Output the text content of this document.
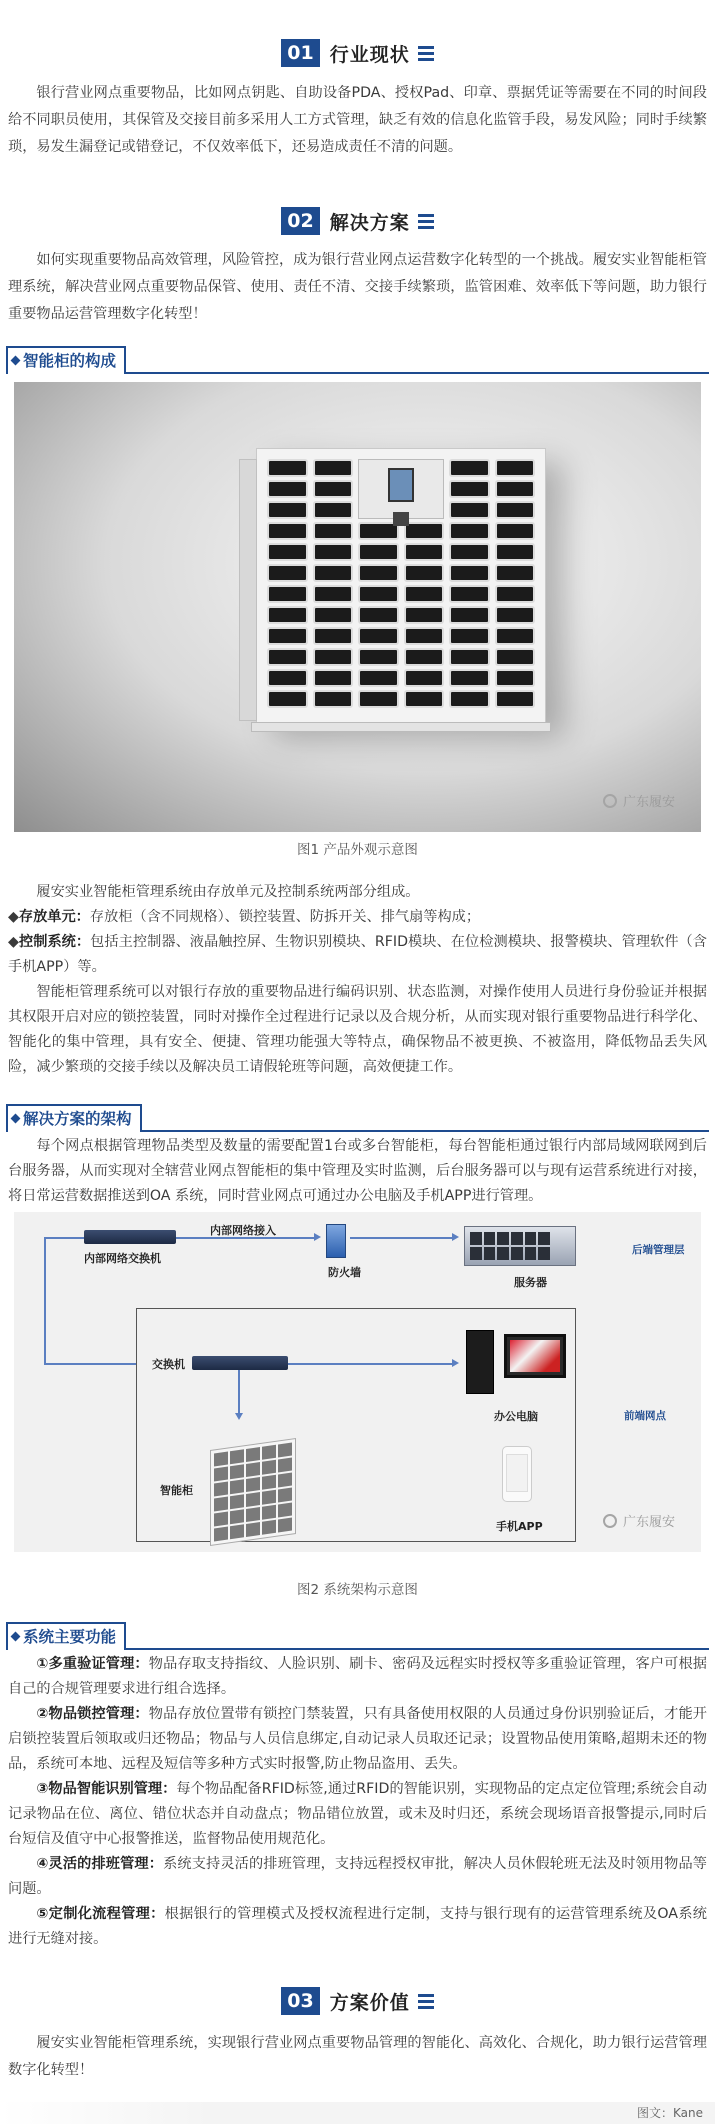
01 行业现状

银行营业网点重要物品，比如网点钥匙、自助设备PDA、授权Pad、印章、票据凭证等需要在不同的时间段给不同职员使用，其保管及交接目前多采用人工方式管理，缺乏有效的信息化监管手段，易发风险；同时手续繁琐，易发生漏登记或错登记，不仅效率低下，还易造成责任不清的问题。

02 解决方案

如何实现重要物品高效管理，风险管控，成为银行营业网点运营数字化转型的一个挑战。履安实业智能柜管理系统，解决营业网点重要物品保管、使用、责任不清、交接手续繁琐，监管困难、效率低下等问题，助力银行重要物品运营管理数字化转型！

智能柜的构成
广东履安
图1 产品外观示意图

履安实业智能柜管理系统由存放单元及控制系统两部分组成。

◆存放单元：存放柜（含不同规格）、锁控装置、防拆开关、排气扇等构成；

◆控制系统：包括主控制器、液晶触控屏、生物识别模块、RFID模块、在位检测模块、报警模块、管理软件（含手机APP）等。

智能柜管理系统可以对银行存放的重要物品进行编码识别、状态监测，对操作使用人员进行身份验证并根据其权限开启对应的锁控装置，同时对操作全过程进行记录以及合规分析，从而实现对银行重要物品进行科学化、智能化的集中管理，具有安全、便捷、管理功能强大等特点，确保物品不被更换、不被盗用，降低物品丢失风险，减少繁琐的交接手续以及解决员工请假轮班等问题，高效便捷工作。

解决方案的架构

每个网点根据管理物品类型及数量的需要配置1台或多台智能柜，每台智能柜通过银行内部局域网联网到后台服务器，从而实现对全辖营业网点智能柜的集中管理及实时监测，后台服务器可以与现有运营系统进行对接，将日常运营数据推送到OA 系统，同时营业网点可通过办公电脑及手机APP进行管理。

内部网络交换机
内部网络接入
防火墙
服务器
后端管理层
交换机
办公电脑	前端网点
智能柜
手机APP	广东履安
图2 系统架构示意图
系统主要功能

①多重验证管理：物品存取支持指纹、人脸识别、刷卡、密码及远程实时授权等多重验证管理，客户可根据自己的合规管理要求进行组合选择。

②物品锁控管理：物品存放位置带有锁控门禁装置，只有具备使用权限的人员通过身份识别验证后，才能开启锁控装置后领取或归还物品；物品与人员信息绑定,自动记录人员取还记录；设置物品使用策略,超期未还的物品，系统可本地、远程及短信等多种方式实时报警,防止物品盗用、丢失。

③物品智能识别管理：每个物品配备RFID标签,通过RFID的智能识别，实现物品的定点定位管理;系统会自动记录物品在位、离位、错位状态并自动盘点；物品错位放置，或未及时归还，系统会现场语音报警提示,同时后台短信及值守中心报警推送，监督物品使用规范化。

④灵活的排班管理：系统支持灵活的排班管理，支持远程授权审批，解决人员休假轮班无法及时领用物品等问题。

⑤定制化流程管理：根据银行的管理模式及授权流程进行定制，支持与银行现有的运营管理系统及OA系统进行无缝对接。

03 方案价值

履安实业智能柜管理系统，实现银行营业网点重要物品管理的智能化、高效化、合规化，助力银行运营管理数字化转型！

图文：Kane
